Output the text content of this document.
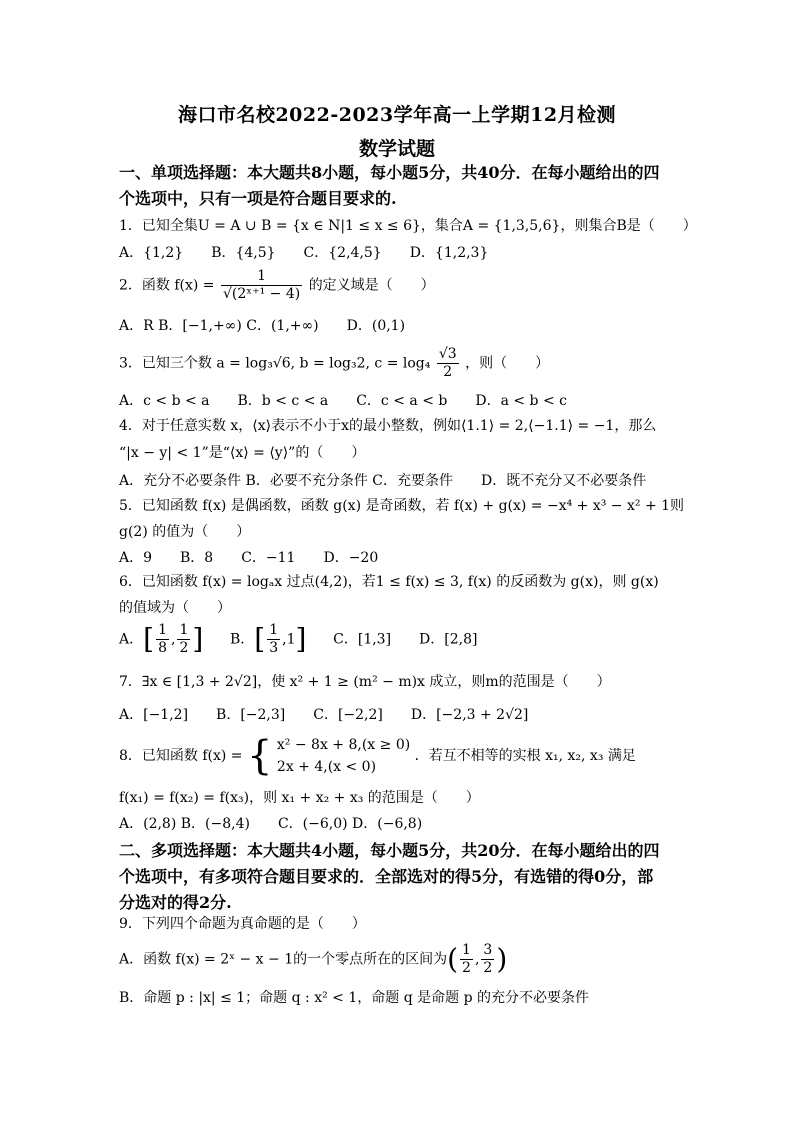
海口市名校2022-2023学年高一上学期12月检测
数学试题
一、单项选择题：本大题共8小题，每小题5分，共40分．在每小题给出的四
个选项中，只有一项是符合题目要求的.
1．已知全集U = A ∪ B = {x ∈ N|1 ≤ x ≤ 6}，集合A = {1,3,5,6}，则集合B是（　　）
A．{1,2}　　B．{4,5}　　C．{2,4,5}　　D．{1,2,3}
2．函数 $f(x) = \frac{1}{\text{√(2ˣ⁺¹ − 4)}}$ 的定义域是（　　）
A．R B．[−1,+∞) C．(1,+∞)　　D．(0,1)
3．已知三个数 a = log₃√6, b = log₃2, $c = \log_4 \frac{√3}{2}$ ，则（　　）
A．c < b < a　　B．b < c < a　　C．c < a < b　　D．a < b < c
4．对于任意实数 x，⟨x⟩表示不小于x的最小整数，例如⟨1.1⟩ = 2,⟨−1.1⟩ = −1，那么
“|x − y| < 1”是“⟨x⟩ = ⟨y⟩”的（　　）
A．充分不必要条件 B．必要不充分条件 C．充要条件　　D．既不充分又不必要条件
5．已知函数 f(x) 是偶函数，函数 g(x) 是奇函数，若 f(x) + g(x) = −x⁴ + x³ − x² + 1则
g(2) 的值为（　　）
A．9　　B．8　　C．−11　　D．−20
6．已知函数 f(x) = logₐx 过点(4,2)，若1 ≤ f(x) ≤ 3, f(x) 的反函数为 g(x)，则 g(x)
的值域为（　　）
A．[ $\frac{1}{8}$ , $\frac{1}{2}$ ] B．[ $\frac{1}{3} ,1$] C．[1,3]　　D．[2,8]
7．∃x ∈ [1,3 + 2√2]，使 x² + 1 ≥ (m² − m)x 成立，则m的范围是（　　）
A．[−1,2]　　B．[−2,3]　　C．[−2,2]　　D．[−2,3 + 2√2]
8．已知函数 f(x) = { x² − 8x + 8,(x ≥ 0)
2x + 4,(x < 0)
．若互不相等的实根 x₁, x₂, x₃ 满足
f(x₁) = f(x₂) = f(x₃)，则 x₁ + x₂ + x₃ 的范围是（　　）
A．(2,8) B．(−8,4)　　C．(−6,0) D．(−6,8)
二、多项选择题：本大题共4小题，每小题5分，共20分．在每小题给出的四
个选项中，有多项符合题目要求的．全部选对的得5分，有选错的得0分，部
分选对的得2分.
9．下列四个命题为真命题的是（　　）
A．函数 f(x) = 2ˣ − x − 1的一个零点所在的区间为( $\frac{1}{2}$ , $\frac{3}{2}$ )
B．命题 p : |x| ≤ 1；命题 q : x² < 1，命题 q 是命题 p 的充分不必要条件
